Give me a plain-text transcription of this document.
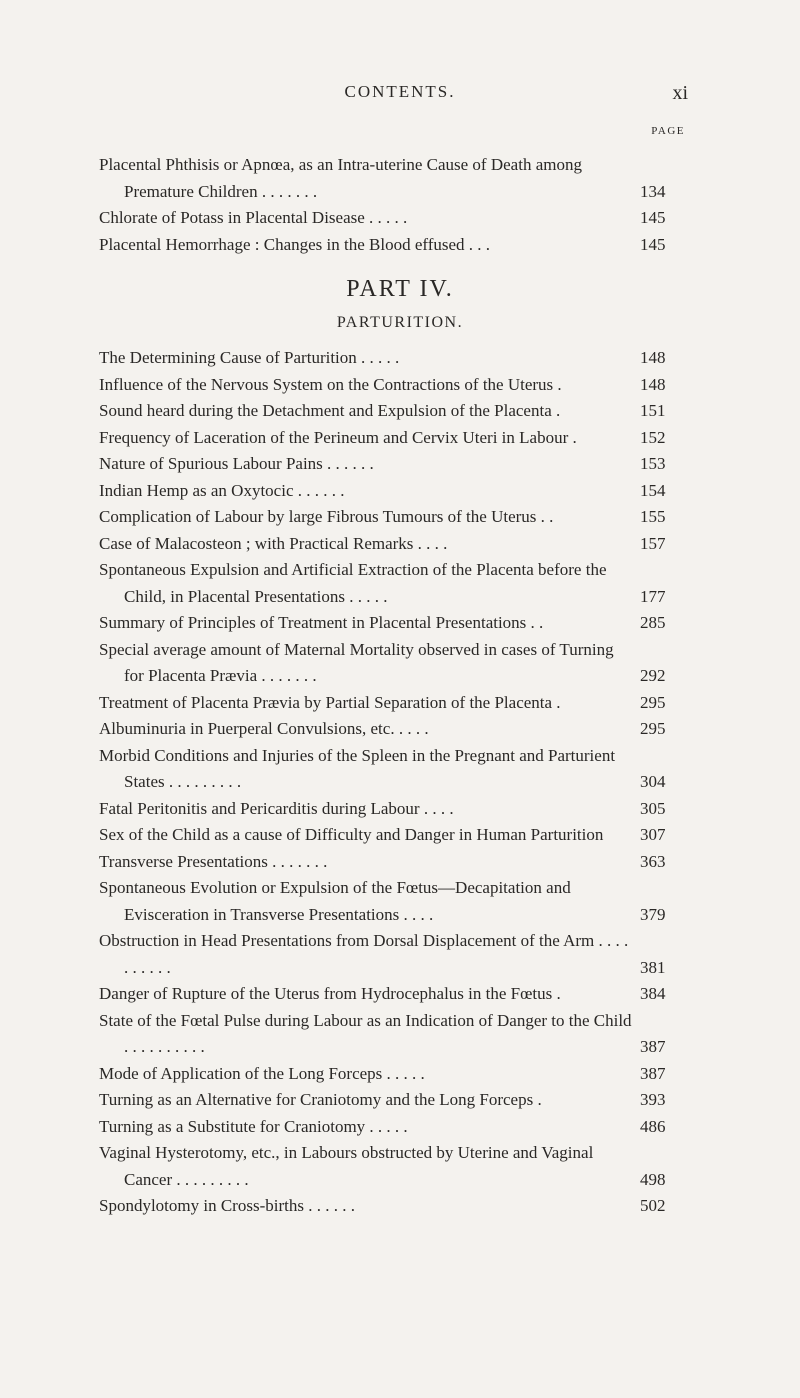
CONTENTS.	xi
PAGE
Placental Phthisis or Apnœa, as an Intra-uterine Cause of Death among Premature Children . . . . . . .	134
Chlorate of Potass in Placental Disease . . . . .	145
Placental Hemorrhage : Changes in the Blood effused . . .	145
PART IV.
PARTURITION.
The Determining Cause of Parturition . . . . .	148
Influence of the Nervous System on the Contractions of the Uterus .	148
Sound heard during the Detachment and Expulsion of the Placenta .	151
Frequency of Laceration of the Perineum and Cervix Uteri in Labour .	152
Nature of Spurious Labour Pains . . . . . .	153
Indian Hemp as an Oxytocic . . . . . .	154
Complication of Labour by large Fibrous Tumours of the Uterus . .	155
Case of Malacosteon ; with Practical Remarks . . . .	157
Spontaneous Expulsion and Artificial Extraction of the Placenta before the Child, in Placental Presentations . . . . .	177
Summary of Principles of Treatment in Placental Presentations . .	285
Special average amount of Maternal Mortality observed in cases of Turning for Placenta Prævia . . . . . . .	292
Treatment of Placenta Prævia by Partial Separation of the Placenta .	295
Albuminuria in Puerperal Convulsions, etc. . . . .	295
Morbid Conditions and Injuries of the Spleen in the Pregnant and Parturient States . . . . . . . . .	304
Fatal Peritonitis and Pericarditis during Labour . . . .	305
Sex of the Child as a cause of Difficulty and Danger in Human Parturition	307
Transverse Presentations . . . . . . .	363
Spontaneous Evolution or Expulsion of the Fœtus—Decapitation and Evisceration in Transverse Presentations . . . .	379
Obstruction in Head Presentations from Dorsal Displacement of the Arm . . . . . . . . . .	381
Danger of Rupture of the Uterus from Hydrocephalus in the Fœtus .	384
State of the Fœtal Pulse during Labour as an Indication of Danger to the Child . . . . . . . . . .	387
Mode of Application of the Long Forceps . . . . .	387
Turning as an Alternative for Craniotomy and the Long Forceps .	393
Turning as a Substitute for Craniotomy . . . . .	486
Vaginal Hysterotomy, etc., in Labours obstructed by Uterine and Vaginal Cancer . . . . . . . . .	498
Spondylotomy in Cross-births . . . . . .	502
